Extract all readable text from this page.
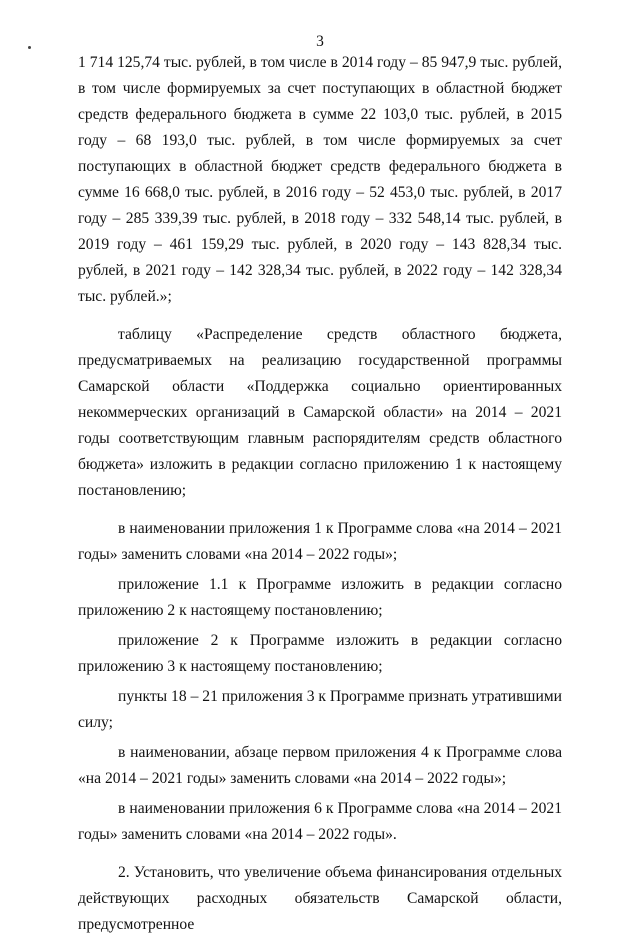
3

1 714 125,74 тыс. рублей, в том числе в 2014 году – 85 947,9 тыс. рублей, в том числе формируемых за счет поступающих в областной бюджет средств федерального бюджета в сумме 22 103,0 тыс. рублей, в 2015 году – 68 193,0 тыс. рублей, в том числе формируемых за счет поступающих в областной бюджет средств федерального бюджета в сумме 16 668,0 тыс. рублей, в 2016 году – 52 453,0 тыс. рублей, в 2017 году – 285 339,39 тыс. рублей, в 2018 году – 332 548,14 тыс. рублей, в 2019 году – 461 159,29 тыс. рублей, в 2020 году – 143 828,34 тыс. рублей, в 2021 году – 142 328,34 тыс. рублей, в 2022 году – 142 328,34 тыс. рублей.»;

таблицу «Распределение средств областного бюджета, предусматриваемых на реализацию государственной программы Самарской области «Поддержка социально ориентированных некоммерческих организаций в Самарской области» на 2014 – 2021 годы соответствующим главным распорядителям средств областного бюджета» изложить в редакции согласно приложению 1 к настоящему постановлению;

в наименовании приложения 1 к Программе слова «на 2014 – 2021 годы» заменить словами «на 2014 – 2022 годы»;

приложение 1.1 к Программе изложить в редакции согласно приложению 2 к настоящему постановлению;

приложение 2 к Программе изложить в редакции согласно приложению 3 к настоящему постановлению;

пункты 18 – 21 приложения 3 к Программе признать утратившими силу;

в наименовании, абзаце первом приложения 4 к Программе слова «на 2014 – 2021 годы» заменить словами «на 2014 – 2022 годы»;

в наименовании приложения 6 к Программе слова «на 2014 – 2021 годы» заменить словами «на 2014 – 2022 годы».

2. Установить, что увеличение объема финансирования отдельных действующих расходных обязательств Самарской области, предусмотренное
